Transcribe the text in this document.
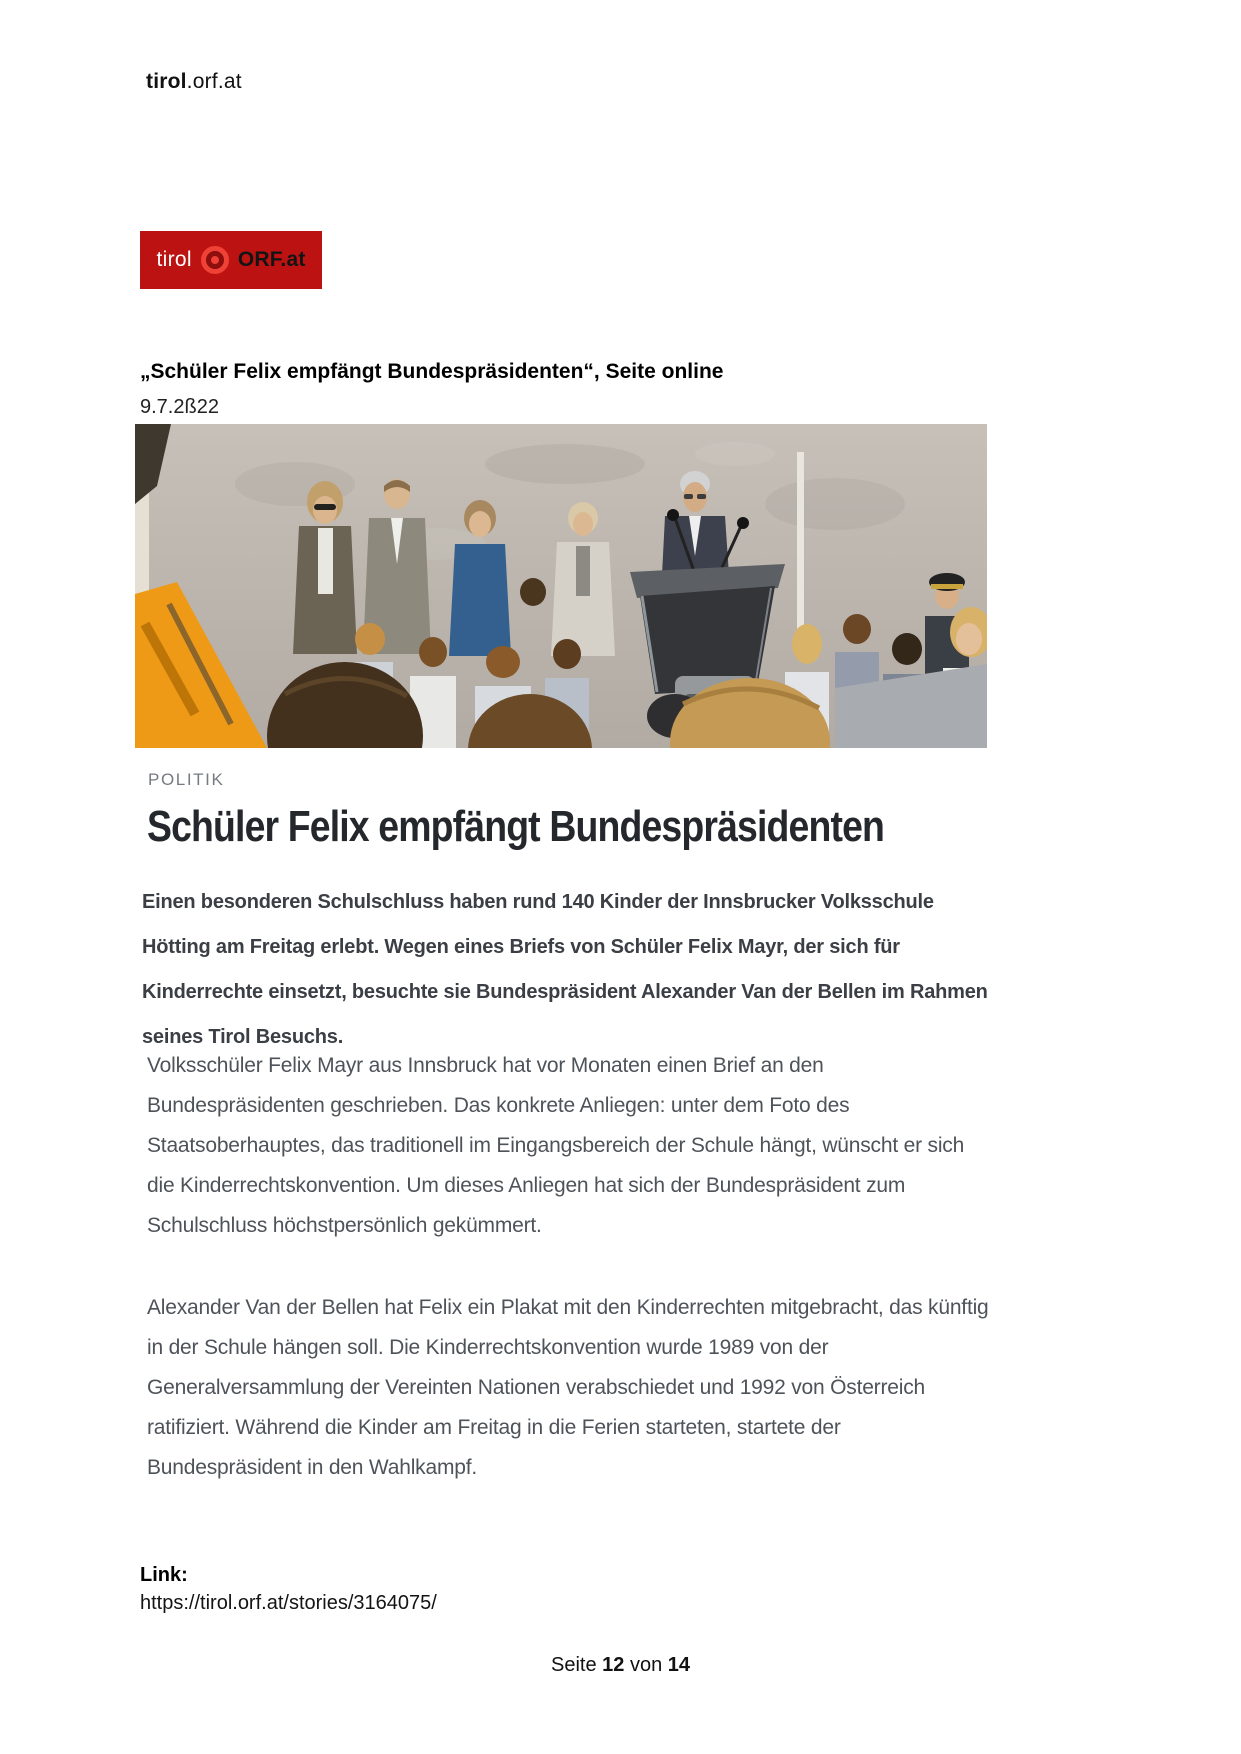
tirol.orf.at
tirol ORF.at
„Schüler Felix empfängt Bundespräsidenten“, Seite online
9.7.2ß22
POLITIK
Schüler Felix empfängt Bundespräsidenten
Einen besonderen Schulschluss haben rund 140 Kinder der Innsbrucker Volksschule Hötting am Freitag erlebt. Wegen eines Briefs von Schüler Felix Mayr, der sich für Kinderrechte einsetzt, besuchte sie Bundespräsident Alexander Van der Bellen im Rahmen seines Tirol Besuchs.

Volksschüler Felix Mayr aus Innsbruck hat vor Monaten einen Brief an den Bundespräsidenten geschrieben. Das konkrete Anliegen: unter dem Foto des Staatsoberhauptes, das traditionell im Eingangsbereich der Schule hängt, wünscht er sich die Kinderrechtskonvention. Um dieses Anliegen hat sich der Bundespräsident zum Schulschluss höchstpersönlich gekümmert.

Alexander Van der Bellen hat Felix ein Plakat mit den Kinderrechten mitgebracht, das künftig in der Schule hängen soll. Die Kinderrechtskonvention wurde 1989 von der Generalversammlung der Vereinten Nationen verabschiedet und 1992 von Österreich ratifiziert. Während die Kinder am Freitag in die Ferien starteten, startete der Bundespräsident in den Wahlkampf.

Link:
https://tirol.orf.at/stories/3164075/
Seite 12 von 14
